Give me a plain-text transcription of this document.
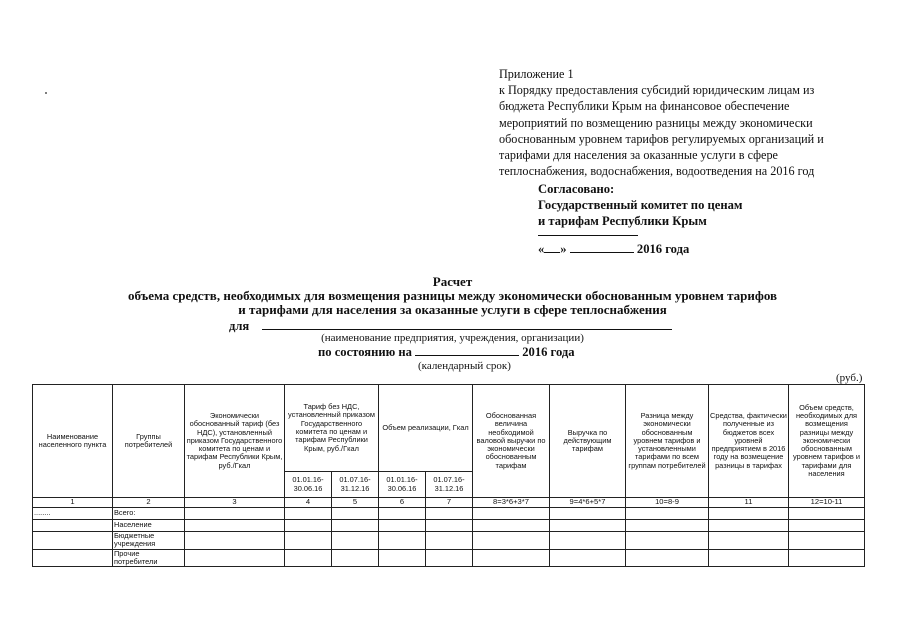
Приложение 1
к Порядку предоставления субсидий юридическим лицам из
бюджета Республики Крым на финансовое обеспечение
мероприятий по возмещению разницы между экономически
обоснованным уровнем тарифов регулируемых организаций и
тарифами для населения за оказанные услуги в сфере
теплоснабжения, водоснабжения, водоотведения на 2016 год
Согласовано:
Государственный комитет по ценам
и тарифам Республики Крым
« »	2016 года
Расчет
объема средств, необходимых для возмещения разницы между экономически обоснованным уровнем тарифов
и тарифами для населения за оказанные услуги в сфере теплоснабжения
для
(наименование предприятия, учреждения, организации)
по состоянию на	2016 года
(календарный срок)
(руб.)
Наименование населенного пункта	Группы потребителей	Экономически обоснованный тариф (без НДС), установленный приказом Государственного комитета по ценам и тарифам Республики Крым, руб./Гкал	Тариф без НДС, установленный приказом Государственного комитета по ценам и тарифам Республики Крым, руб./Гкал		Объем реализации, Гкал		Обоснованная величина необходимой валовой выручки по экономически обоснованным тарифам	Выручка по действующим тарифам	Разница между экономически обоснованным уровнем тарифов и установленными тарифами по всем группам потребителей	Средства, фактически полученные из бюджетов всех уровней предприятием в 2016 году на возмещение разницы в тарифах	Объем средств, необходимых для возмещения разницы между экономически обоснованным уровнем тарифов и тарифами для населения
			01.01.16-30.06.16	01.07.16-31.12.16	01.01.16-30.06.16	01.07.16-31.12.16					
1	2	3	4	5	6	7	8=3*6+3*7	9=4*6+5*7	10=8-9	11	12=10-11
........	Всего:										
	Население										
	Бюджетные учреждения										
	Прочие потребители										
